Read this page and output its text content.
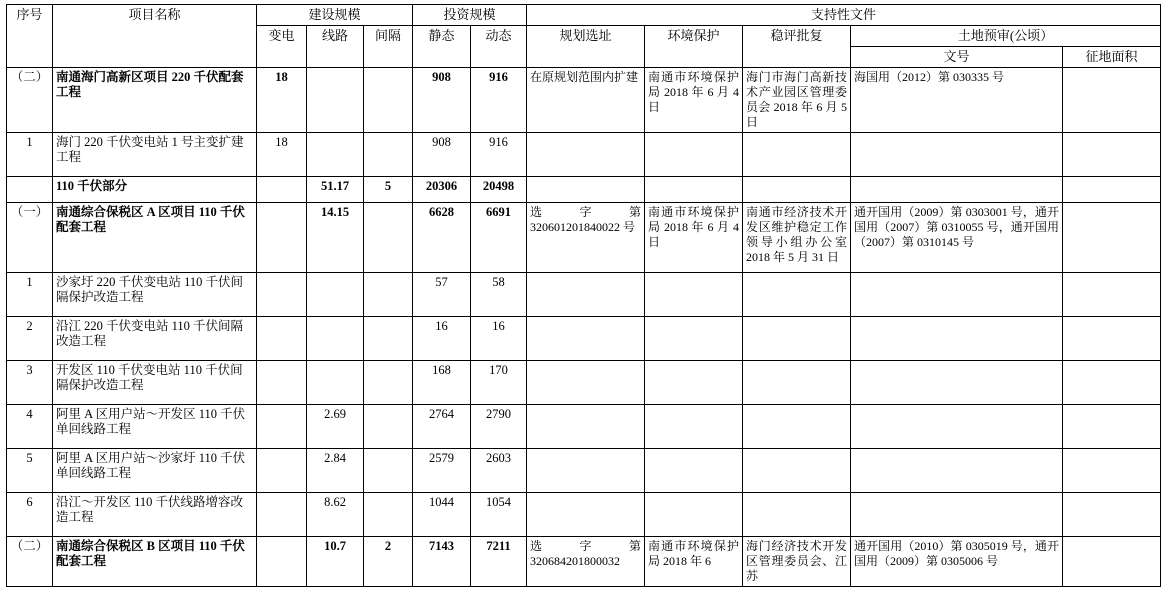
序号	项目名称	建设规模			投资规模		支持性文件				
		变电	线路	间隔	静态	动态	规划选址	环境保护	稳评批复	土地预审(公顷）	
										文号	征地面积
（二）	南通海门高新区项目 220 千伏配套工程	18			908	916	在原规划范围内扩建	南通市环境保护局 2018 年 6 月 4 日	海门市海门高新技术产业园区管理委员会 2018 年 6 月 5 日	海国用（2012）第 030335 号	
1	海门 220 千伏变电站 1 号主变扩建工程	18			908	916					
	110 千伏部分		51.17	5	20306	20498					
（一）	南通综合保税区 A 区项目 110 千伏配套工程		14.15		6628	6691	选 字 第 320601201840022 号	南通市环境保护局 2018 年 6 月 4 日	南通市经济技术开发区维护稳定工作领导小组办公室 2018 年 5 月 31 日	通开国用（2009）第 0303001 号，通开国用（2007）第 0310055 号，通开国用（2007）第 0310145 号	
1	沙家圩 220 千伏变电站 110 千伏间隔保护改造工程				57	58					
2	沿江 220 千伏变电站 110 千伏间隔改造工程				16	16					
3	开发区 110 千伏变电站 110 千伏间隔保护改造工程				168	170					
4	阿里 A 区用户站～开发区 110 千伏单回线路工程		2.69		2764	2790					
5	阿里 A 区用户站～沙家圩 110 千伏单回线路工程		2.84		2579	2603					
6	沿江～开发区 110 千伏线路增容改造工程		8.62		1044	1054					
（二）	南通综合保税区 B 区项目 110 千伏配套工程		10.7	2	7143	7211	选 字 第 320684201800032	南通市环境保护局 2018 年 6	海门经济技术开发区管理委员会、江苏	通开国用（2010）第 0305019 号，通开国用（2009）第 0305006 号	
